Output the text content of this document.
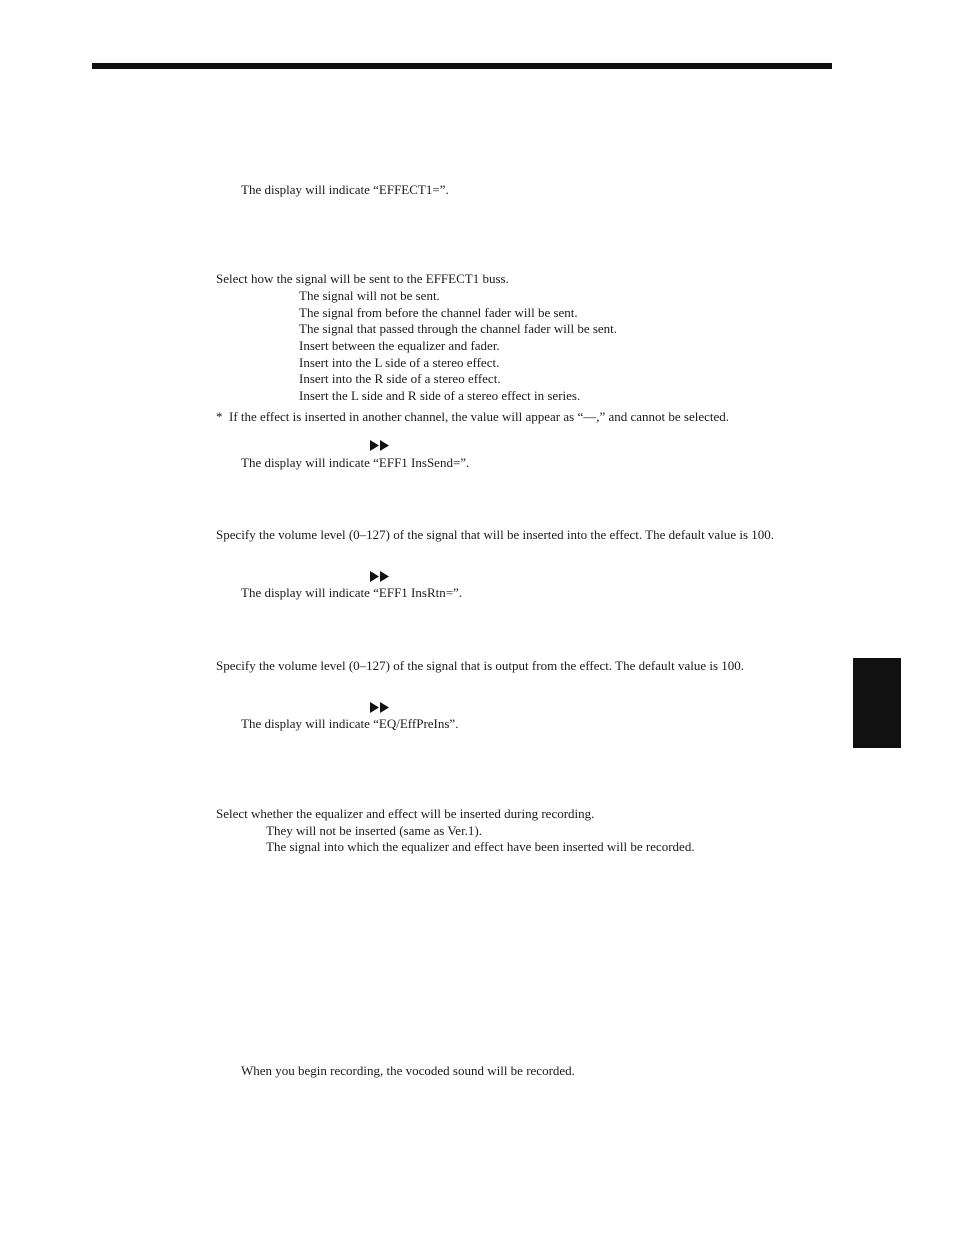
The display will indicate “EFFECT1=”.
Select how the signal will be sent to the EFFECT1 buss.
The signal will not be sent.
The signal from before the channel fader will be sent.
The signal that passed through the channel fader will be sent.
Insert between the equalizer and fader.
Insert into the L side of a stereo effect.
Insert into the R side of a stereo effect.
Insert the L side and R side of a stereo effect in series.
* If the effect is inserted in another channel, the value will appear as “—,” and cannot be selected.
The display will indicate “EFF1 InsSend=”.
Specify the volume level (0–127) of the signal that will be inserted into the effect. The default value is 100.
The display will indicate “EFF1 InsRtn=”.
Specify the volume level (0–127) of the signal that is output from the effect. The default value is 100.
The display will indicate “EQ/EffPreIns”.
Select whether the equalizer and effect will be inserted during recording.
They will not be inserted (same as Ver.1).
The signal into which the equalizer and effect have been inserted will be recorded.
When you begin recording, the vocoded sound will be recorded.
